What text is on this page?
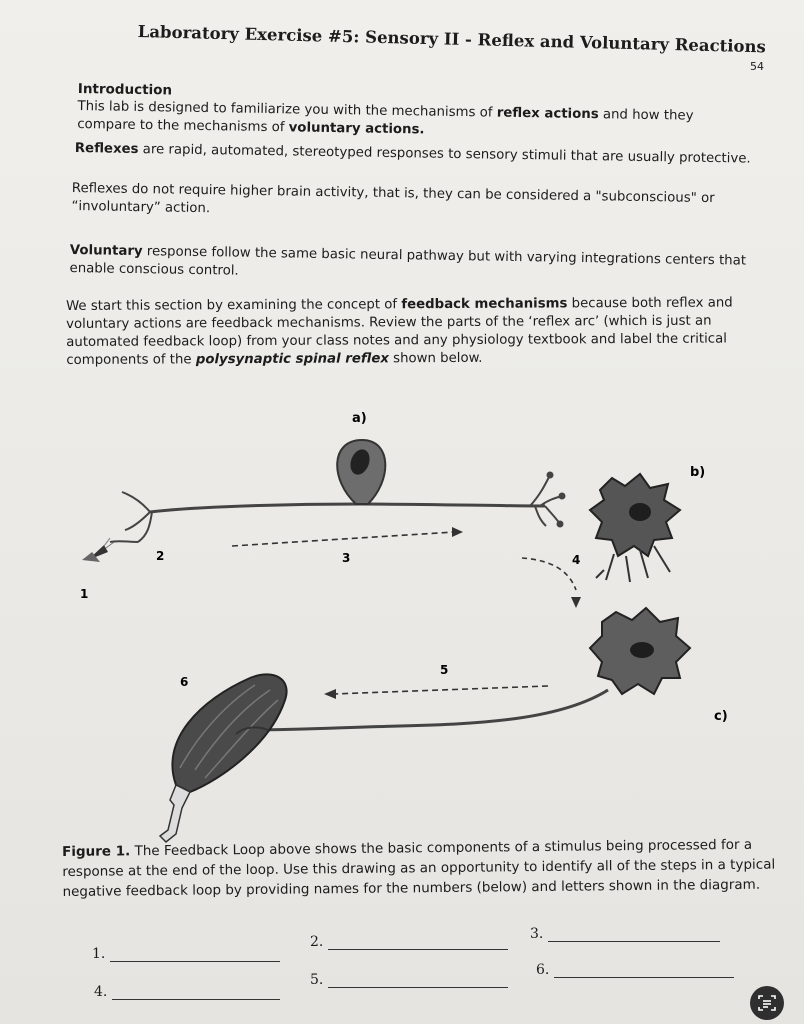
Laboratory Exercise #5: Sensory II - Reflex and Voluntary Reactions
54
Introduction
This lab is designed to familiarize you with the mechanisms of reflex actions and how they compare to the mechanisms of voluntary actions.
Reflexes are rapid, automated, stereotyped responses to sensory stimuli that are usually protective.
Reflexes do not require higher brain activity, that is, they can be considered a "subconscious" or “involuntary” action.
Voluntary response follow the same basic neural pathway but with varying integrations centers that enable conscious control.
We start this section by examining the concept of feedback mechanisms because both reflex and voluntary actions are feedback mechanisms. Review the parts of the ‘reflex arc’ (which is just an automated feedback loop) from your class notes and any physiology textbook and label the critical components of the polysynaptic spinal reflex shown below.
a)
b)
c)
1
2	3	4
5
6
Figure 1. The Feedback Loop above shows the basic components of a stimulus being processed for a response at the end of the loop. Use this drawing as an opportunity to identify all of the steps in a typical negative feedback loop by providing names for the numbers (below) and letters shown in the diagram.
1.
2.	3.
4.
5.
6.
